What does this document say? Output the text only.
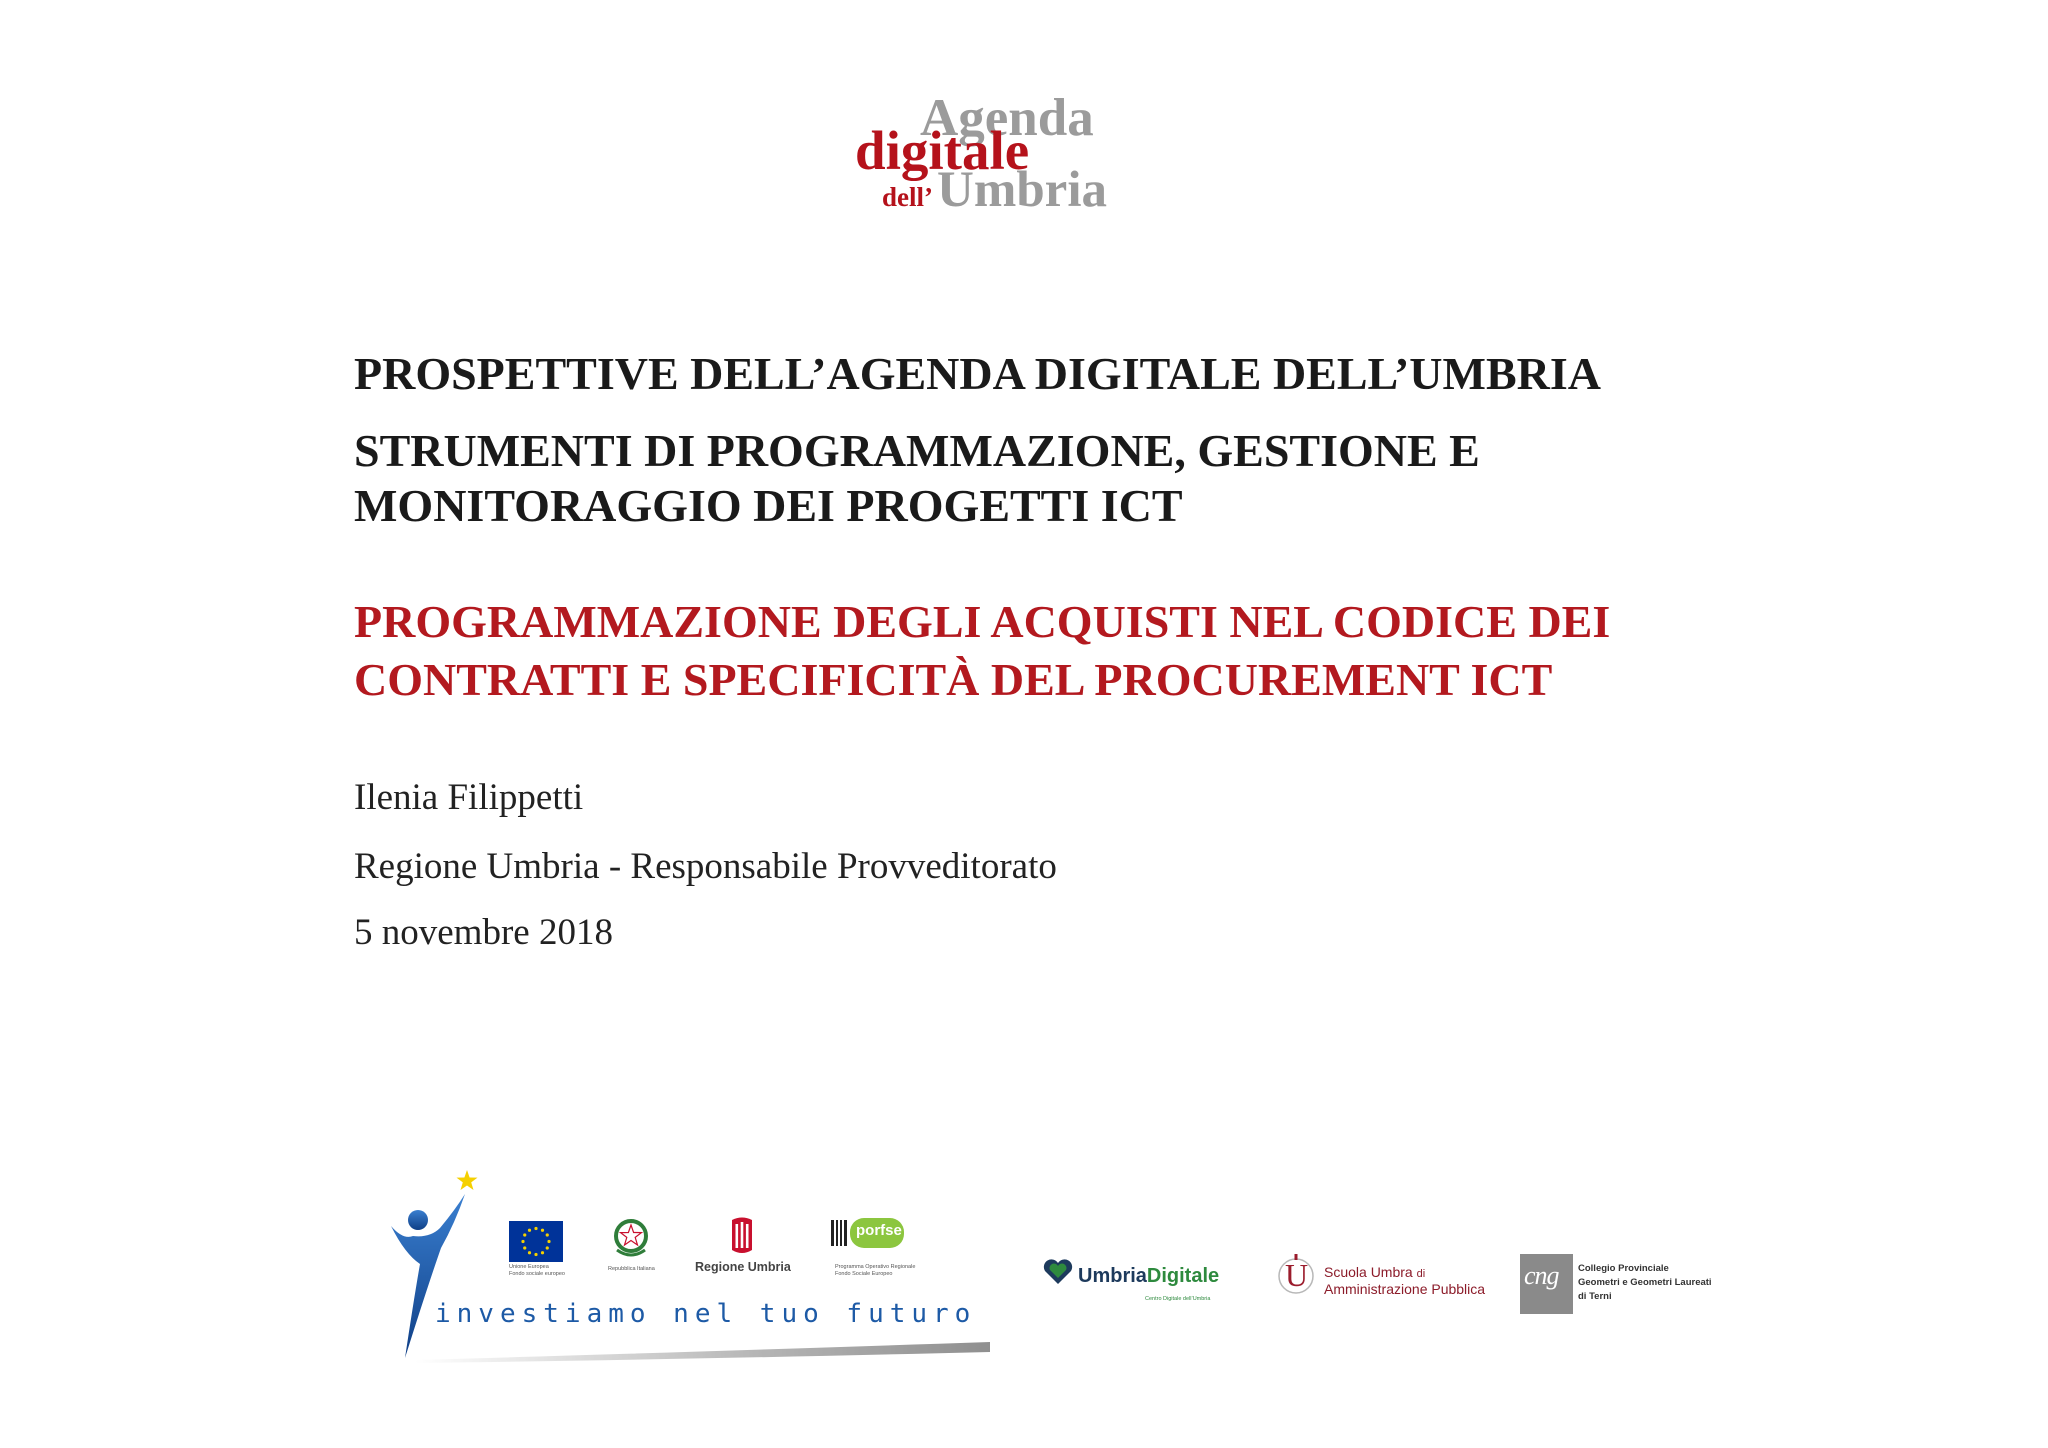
Agenda
digitale
dell’ Umbria
PROSPETTIVE DELL’AGENDA DIGITALE DELL’UMBRIA
STRUMENTI DI PROGRAMMAZIONE, GESTIONE E
MONITORAGGIO DEI PROGETTI ICT
PROGRAMMAZIONE DEGLI ACQUISTI NEL CODICE DEI
CONTRATTI E SPECIFICITÀ DEL PROCUREMENT ICT
Ilenia Filippetti
Regione Umbria - Responsabile Provveditorato
5 novembre 2018
Unione Europea
Fondo sociale europeo
Repubblica Italiana	Regione Umbria
porfse
Programma Operativo Regionale
Fondo Sociale Europeo
investiamo nel tuo futuro
UmbriaDigitale
Centro Digitale dell’Umbria
U Scuola Umbra di
Amministrazione Pubblica cng Collegio Provinciale
Geometri e Geometri Laureati
di Terni
